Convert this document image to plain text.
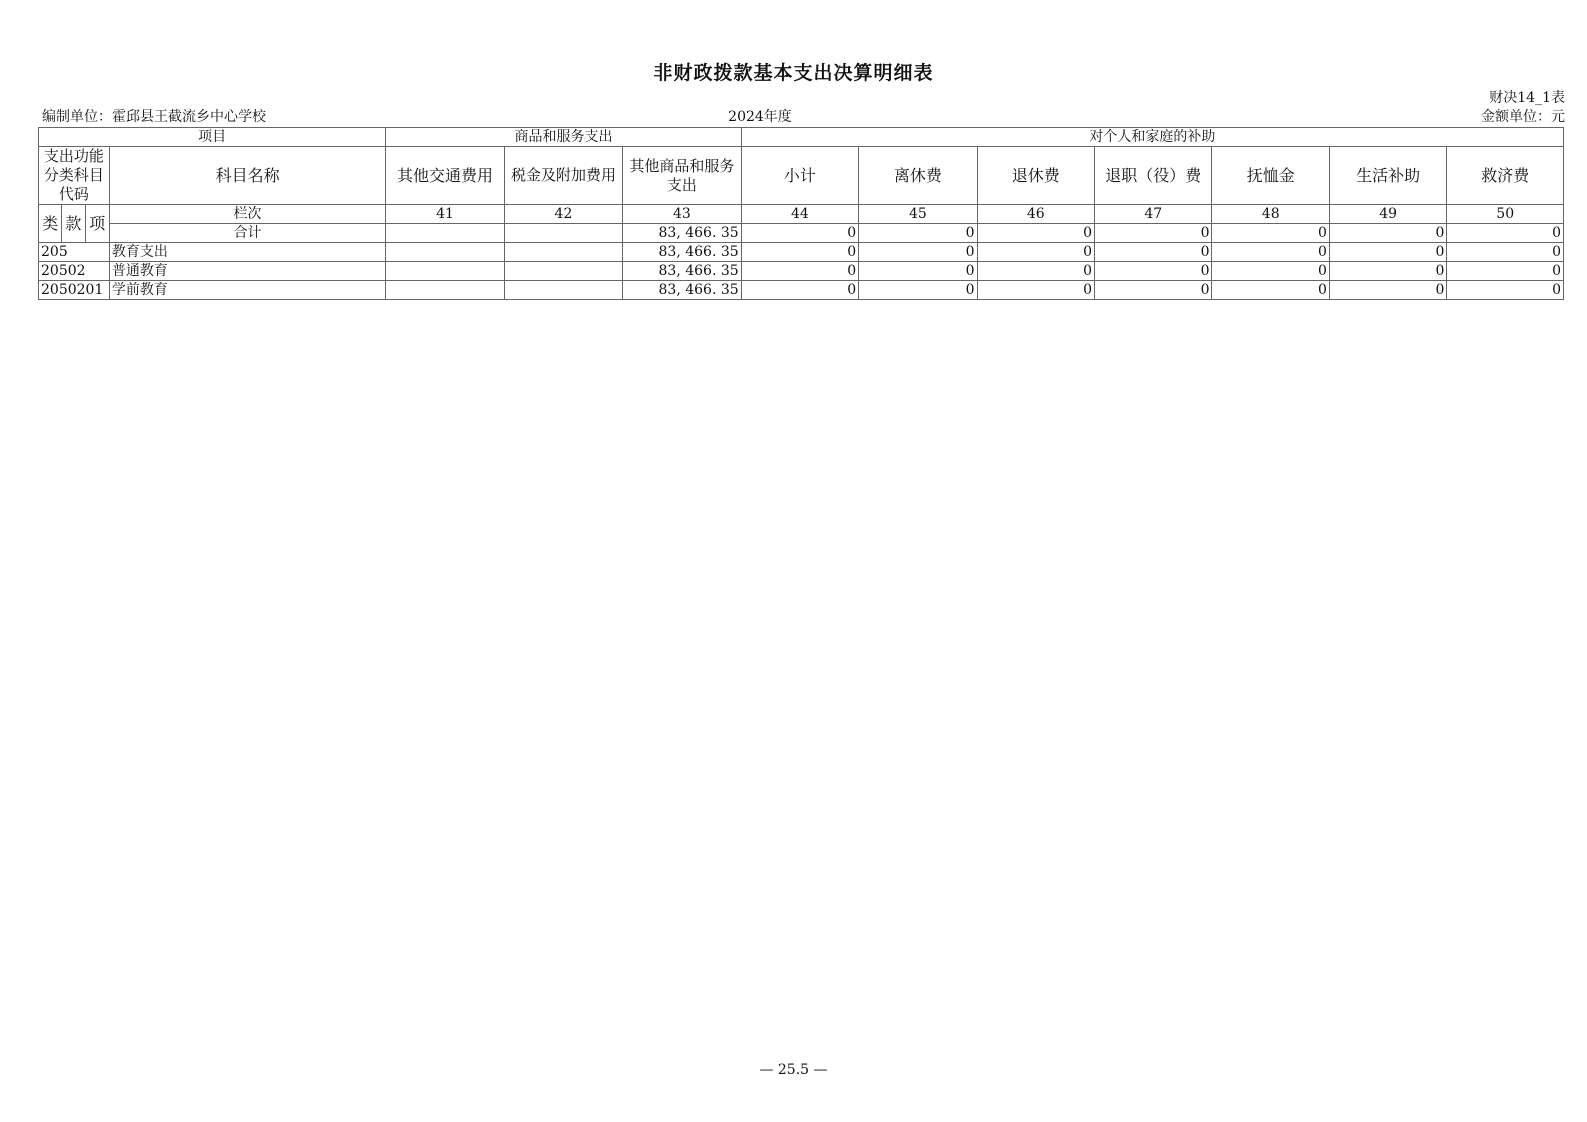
非财政拨款基本支出决算明细表
财决14_1表
编制单位：霍邱县王截流乡中心学校	2024年度	金额单位：元
项目				商品和服务支出			对个人和家庭的补助						
支出功能分类科目代码			科目名称	其他交通费用	税金及附加费用	其他商品和服务支出	小计	离休费	退休费	退职（役）费	抚恤金	生活补助	救济费
类	款	项	栏次	41	42	43	44	45	46	47	48	49	50
			合计			83, 466. 35	0	0	0	0	0	0	0
205			教育支出			83, 466. 35	0	0	0	0	0	0	0
20502			普通教育			83, 466. 35	0	0	0	0	0	0	0
2050201			学前教育			83, 466. 35	0	0	0	0	0	0	0
— 25.5 —
